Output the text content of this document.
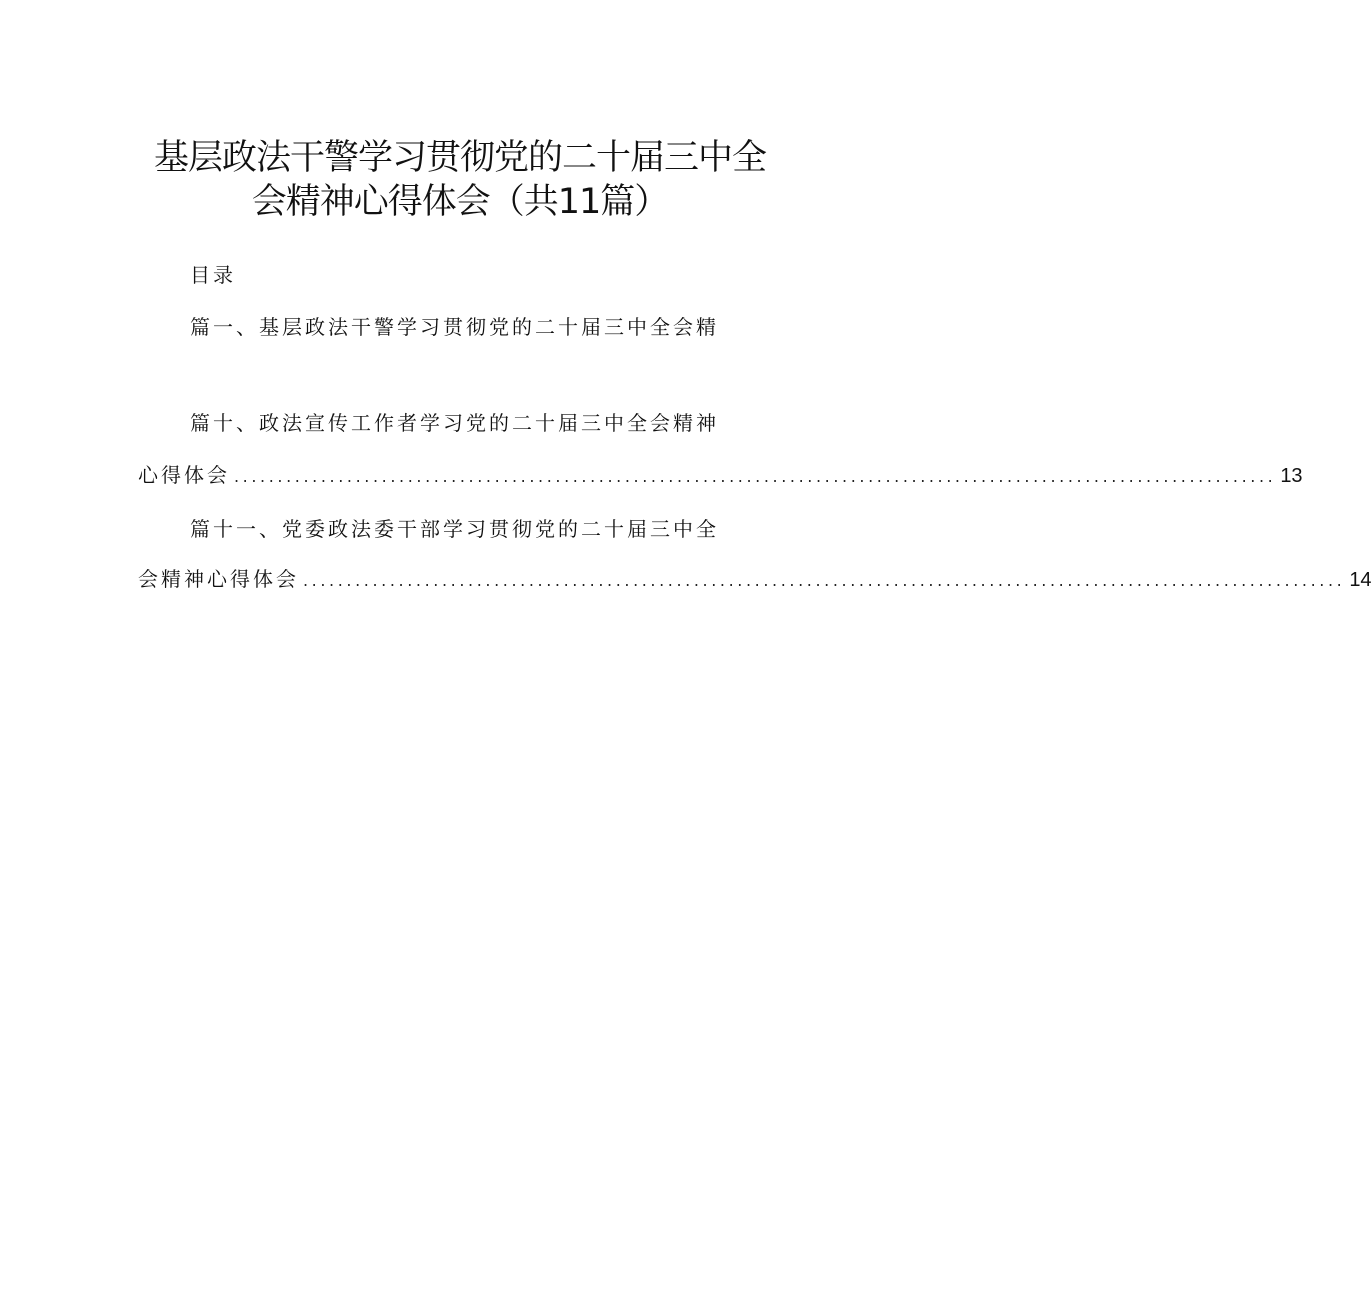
基层政法干警学习贯彻党的二十届三中全
会精神心得体会（共11篇）
目录
篇一、基层政法干警学习贯彻党的二十届三中全会精
篇十、政法宣传工作者学习党的二十届三中全会精神
心得体会 ........................................................................................................................ 13
篇十一、党委政法委干部学习贯彻党的二十届三中全
会精神心得体会 ........................................................................................................................ 14
